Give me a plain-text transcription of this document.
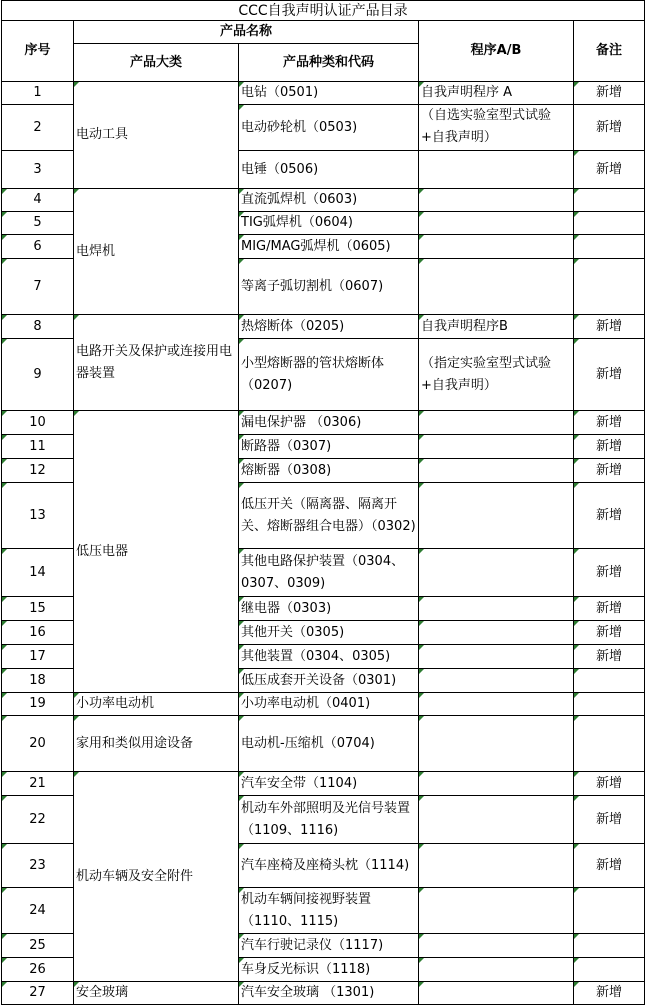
CCC自我声明认证产品目录				
序号	产品名称		程序A/B	备注
	产品大类	产品种类和代码		
1	电动工具	电钻（0501)	自我声明程序 A	新增
2		电动砂轮机（0503)	（自选实验室型式试验+自我声明）	新增
3		电锤（0506)		新增
4	电焊机	直流弧焊机（0603)		
5		TIG弧焊机（0604)		
6		MIG/MAG弧焊机（0605)		
7		等离子弧切割机（0607)		
8	电路开关及保护或连接用电器装置	热熔断体（0205)	自我声明程序B	新增
9		小型熔断器的管状熔断体（0207)	（指定实验室型式试验+自我声明）	新增
10	低压电器	漏电保护器 （0306)		新增
11		断路器（0307)		新增
12		熔断器（0308)		新增
13		低压开关（隔离器、隔离开关、熔断器组合电器）（0302)		新增
14		其他电路保护装置（0304、0307、0309)		新增
15		继电器（0303)		新增
16		其他开关（0305)		新增
17		其他装置（0304、0305)		新增
18		低压成套开关设备（0301)		
19	小功率电动机	小功率电动机（0401)		
20	家用和类似用途设备	电动机-压缩机（0704)		
21	机动车辆及安全附件	汽车安全带（1104)		新增
22		机动车外部照明及光信号装置（1109、1116)		新增
23		汽车座椅及座椅头枕（1114)		新增
24		机动车辆间接视野装置（1110、1115)		
25		汽车行驶记录仪（1117)		
26		车身反光标识（1118)		
27	安全玻璃	汽车安全玻璃 （1301)		新增
